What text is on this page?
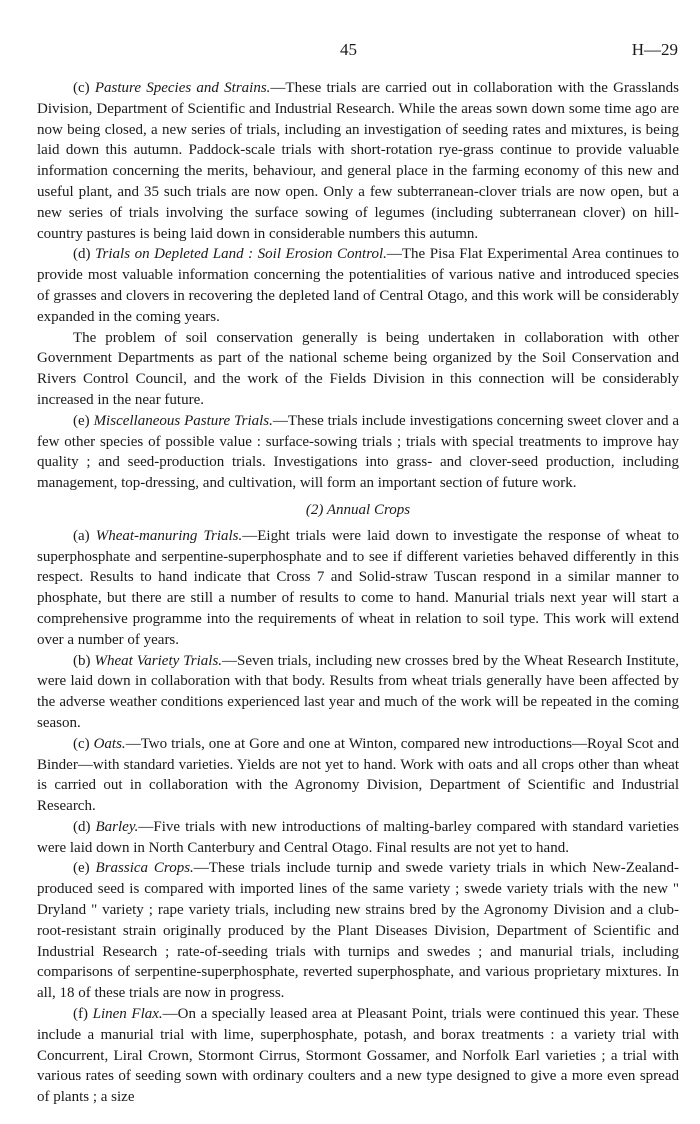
45	H—29

(c) Pasture Species and Strains.—These trials are carried out in collaboration with the Grasslands Division, Department of Scientific and Industrial Research. While the areas sown down some time ago are now being closed, a new series of trials, including an investigation of seeding rates and mixtures, is being laid down this autumn. Paddock-scale trials with short-rotation rye-grass continue to provide valuable information concerning the merits, behaviour, and general place in the farming economy of this new and useful plant, and 35 such trials are now open. Only a few subterranean-clover trials are now open, but a new series of trials involving the surface sowing of legumes (including subterranean clover) on hill-country pastures is being laid down in considerable numbers this autumn.

(d) Trials on Depleted Land : Soil Erosion Control.—The Pisa Flat Experimental Area continues to provide most valuable information concerning the potentialities of various native and introduced species of grasses and clovers in recovering the depleted land of Central Otago, and this work will be considerably expanded in the coming years.

The problem of soil conservation generally is being undertaken in collaboration with other Government Departments as part of the national scheme being organized by the Soil Conservation and Rivers Control Council, and the work of the Fields Division in this connection will be considerably increased in the near future.

(e) Miscellaneous Pasture Trials.—These trials include investigations concerning sweet clover and a few other species of possible value : surface-sowing trials ; trials with special treatments to improve hay quality ; and seed-production trials. Investigations into grass- and clover-seed production, including management, top-dressing, and cultivation, will form an important section of future work.

(2) Annual Crops

(a) Wheat-manuring Trials.—Eight trials were laid down to investigate the response of wheat to superphosphate and serpentine-superphosphate and to see if different varieties behaved differently in this respect. Results to hand indicate that Cross 7 and Solid-straw Tuscan respond in a similar manner to phosphate, but there are still a number of results to come to hand. Manurial trials next year will start a comprehensive programme into the requirements of wheat in relation to soil type. This work will extend over a number of years.

(b) Wheat Variety Trials.—Seven trials, including new crosses bred by the Wheat Research Institute, were laid down in collaboration with that body. Results from wheat trials generally have been affected by the adverse weather conditions experienced last year and much of the work will be repeated in the coming season.

(c) Oats.—Two trials, one at Gore and one at Winton, compared new introductions—Royal Scot and Binder—with standard varieties. Yields are not yet to hand. Work with oats and all crops other than wheat is carried out in collaboration with the Agronomy Division, Department of Scientific and Industrial Research.

(d) Barley.—Five trials with new introductions of malting-barley compared with standard varieties were laid down in North Canterbury and Central Otago. Final results are not yet to hand.

(e) Brassica Crops.—These trials include turnip and swede variety trials in which New-Zealand-produced seed is compared with imported lines of the same variety ; swede variety trials with the new " Dryland " variety ; rape variety trials, including new strains bred by the Agronomy Division and a club-root-resistant strain originally produced by the Plant Diseases Division, Department of Scientific and Industrial Research ; rate-of-seeding trials with turnips and swedes ; and manurial trials, including comparisons of serpentine-superphosphate, reverted superphosphate, and various proprietary mixtures. In all, 18 of these trials are now in progress.

(f) Linen Flax.—On a specially leased area at Pleasant Point, trials were continued this year. These include a manurial trial with lime, superphosphate, potash, and borax treatments : a variety trial with Concurrent, Liral Crown, Stormont Cirrus, Stormont Gossamer, and Norfolk Earl varieties ; a trial with various rates of seeding sown with ordinary coulters and a new type designed to give a more even spread of plants ; a size
